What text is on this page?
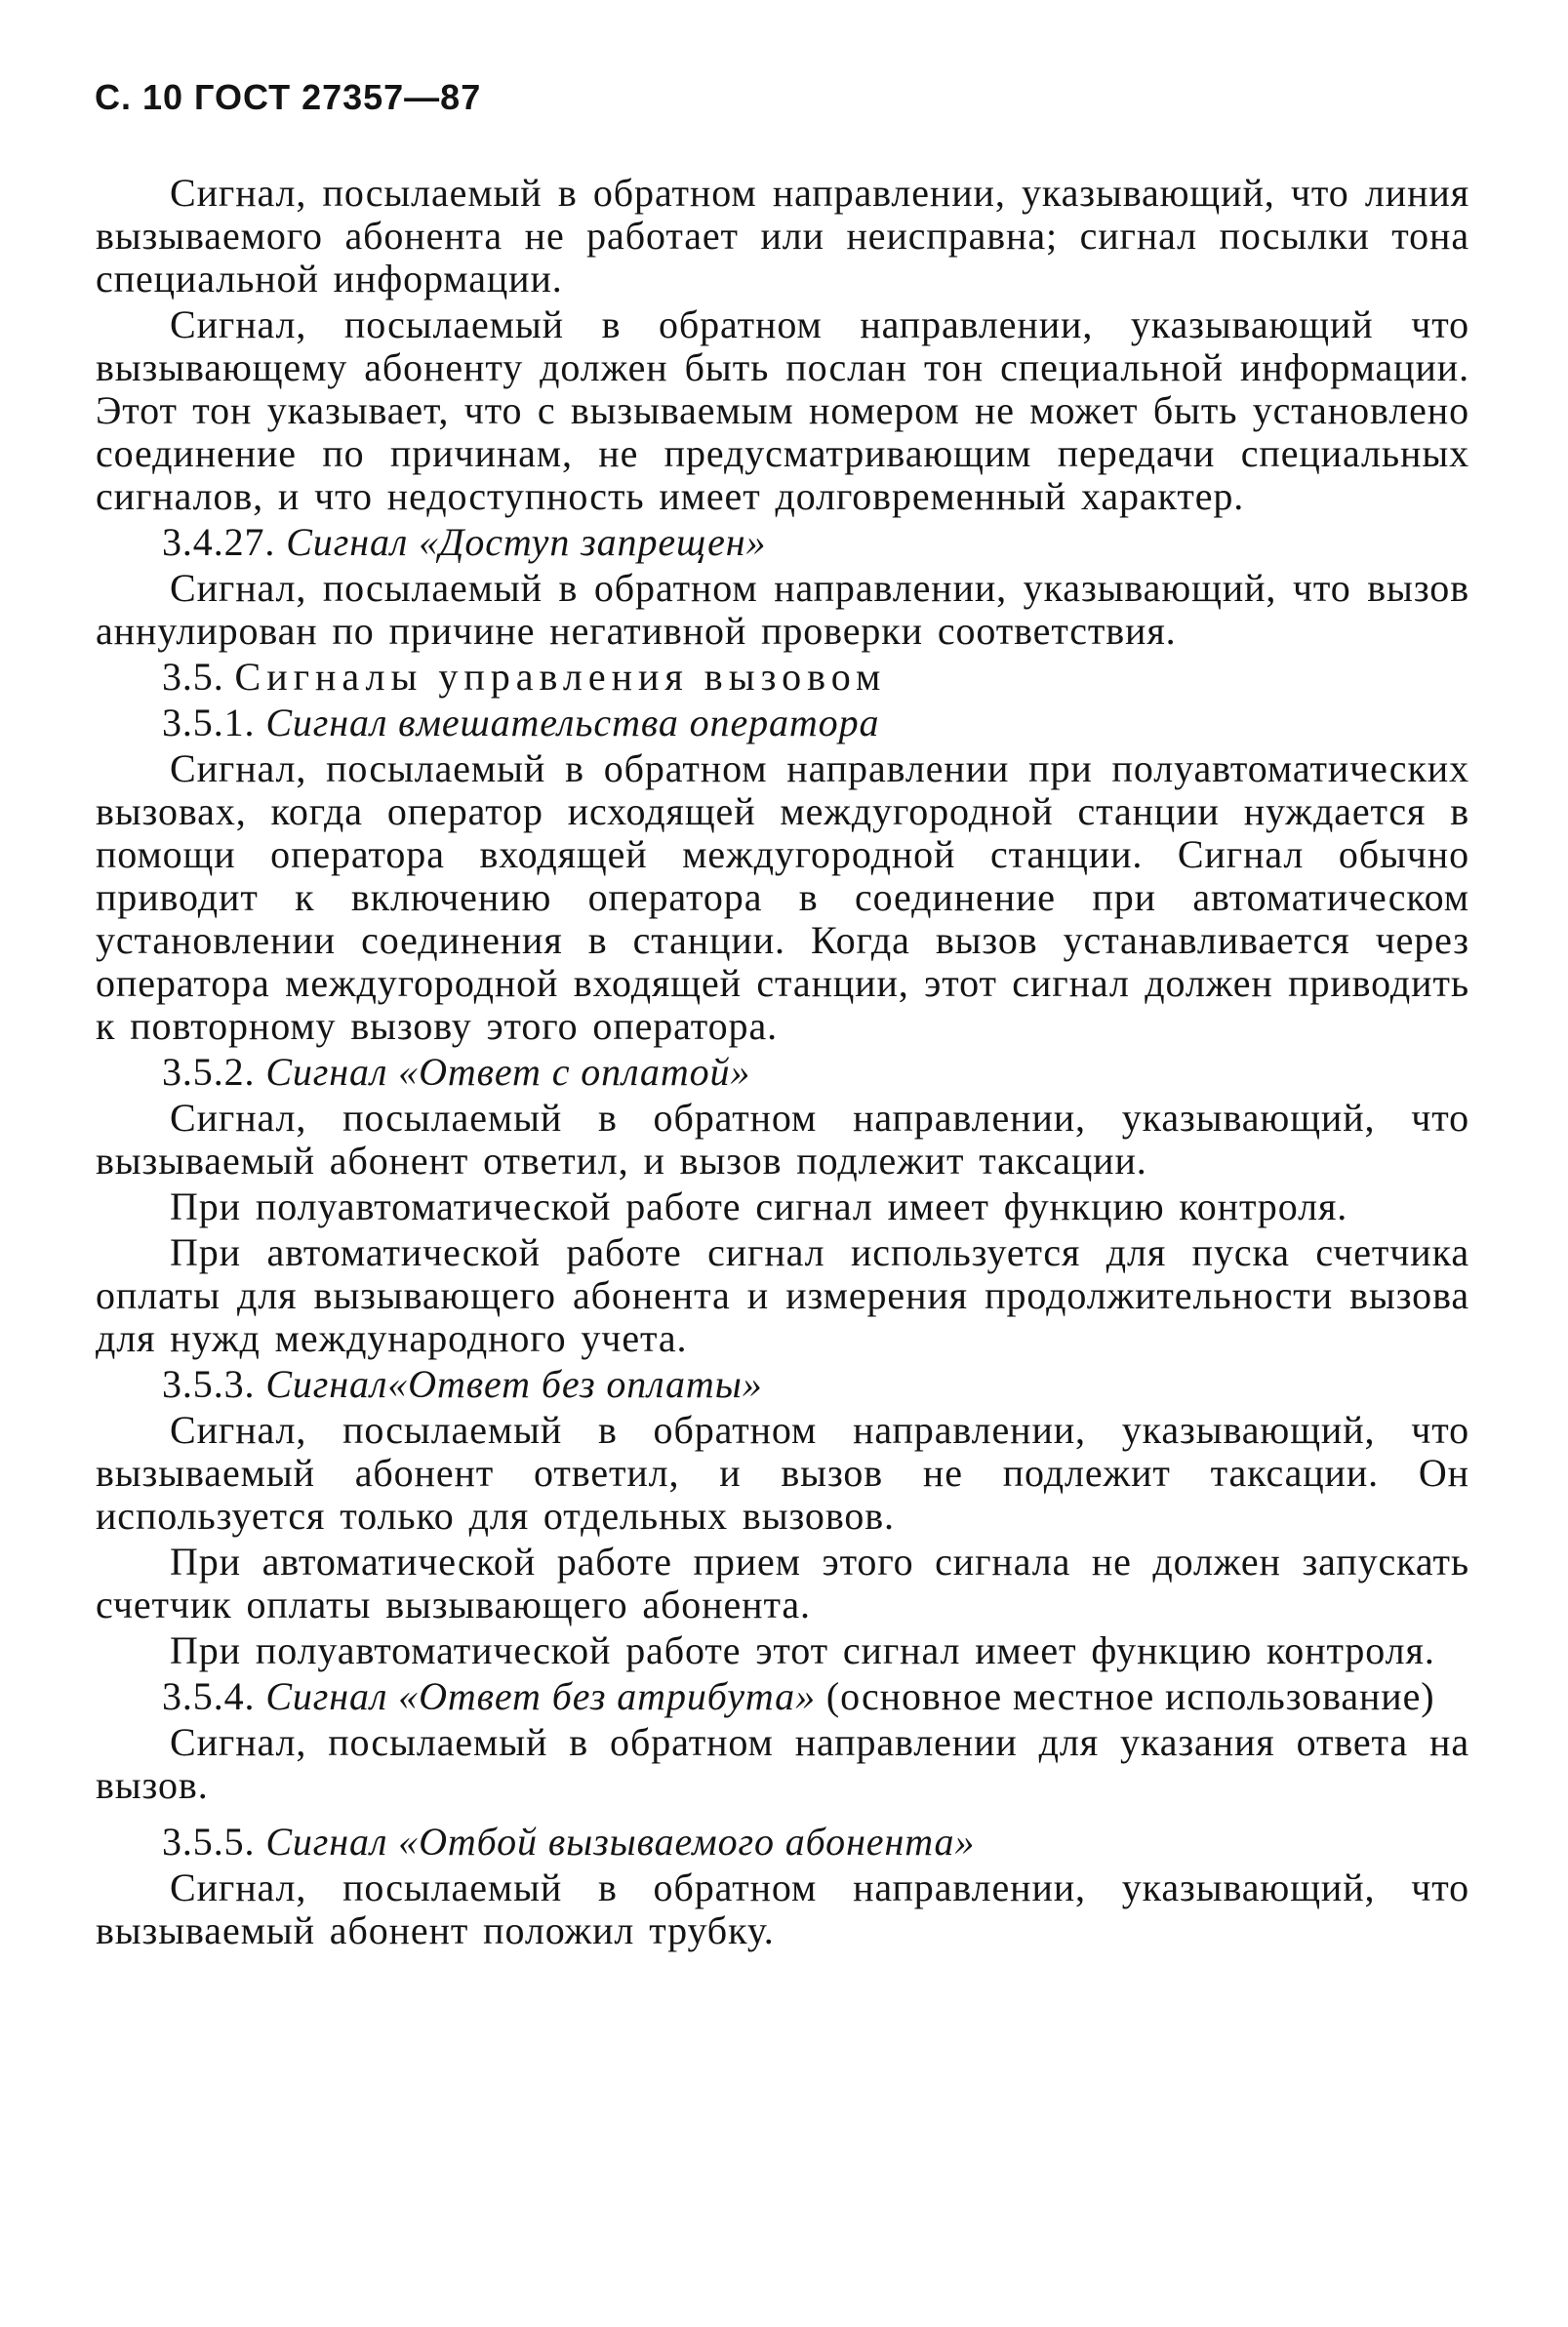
С. 10 ГОСТ 27357—87

Сигнал, посылаемый в обратном направлении, указывающий, что линия вызываемого абонента не работает или неисправна; сигнал посылки тона специальной информации.

Сигнал, посылаемый в обратном направлении, указывающий что вызывающему абоненту должен быть послан тон специальной информации. Этот тон указывает, что с вызываемым номером не может быть установлено соединение по причинам, не предусматривающим передачи специальных сигналов, и что недоступность имеет долговременный характер.

3.4.27. Сигнал «Доступ запрещен»

Сигнал, посылаемый в обратном направлении, указывающий, что вызов аннулирован по причине негативной проверки соответствия.

3.5. Сигналы управления вызовом

3.5.1. Сигнал вмешательства оператора

Сигнал, посылаемый в обратном направлении при полуавтоматических вызовах, когда оператор исходящей междугородной станции нуждается в помощи оператора входящей междугородной станции. Сигнал обычно приводит к включению оператора в соединение при автоматическом установлении соединения в станции. Когда вызов устанавливается через оператора междугородной входящей станции, этот сигнал должен приводить к повторному вызову этого оператора.

3.5.2. Сигнал «Ответ с оплатой»

Сигнал, посылаемый в обратном направлении, указывающий, что вызываемый абонент ответил, и вызов подлежит таксации.

При полуавтоматической работе сигнал имеет функцию контроля.

При автоматической работе сигнал используется для пуска счетчика оплаты для вызывающего абонента и измерения продолжительности вызова для нужд международного учета.

3.5.3. Сигнал«Ответ без оплаты»

Сигнал, посылаемый в обратном направлении, указывающий, что вызываемый абонент ответил, и вызов не подлежит таксации. Он используется только для отдельных вызовов.

При автоматической работе прием этого сигнала не должен запускать счетчик оплаты вызывающего абонента.

При полуавтоматической работе этот сигнал имеет функцию контроля.

3.5.4. Сигнал «Ответ без атрибута» (основное местное использование)

Сигнал, посылаемый в обратном направлении для указания ответа на вызов.

3.5.5. Сигнал «Отбой вызываемого абонента»

Сигнал, посылаемый в обратном направлении, указывающий, что вызываемый абонент положил трубку.
